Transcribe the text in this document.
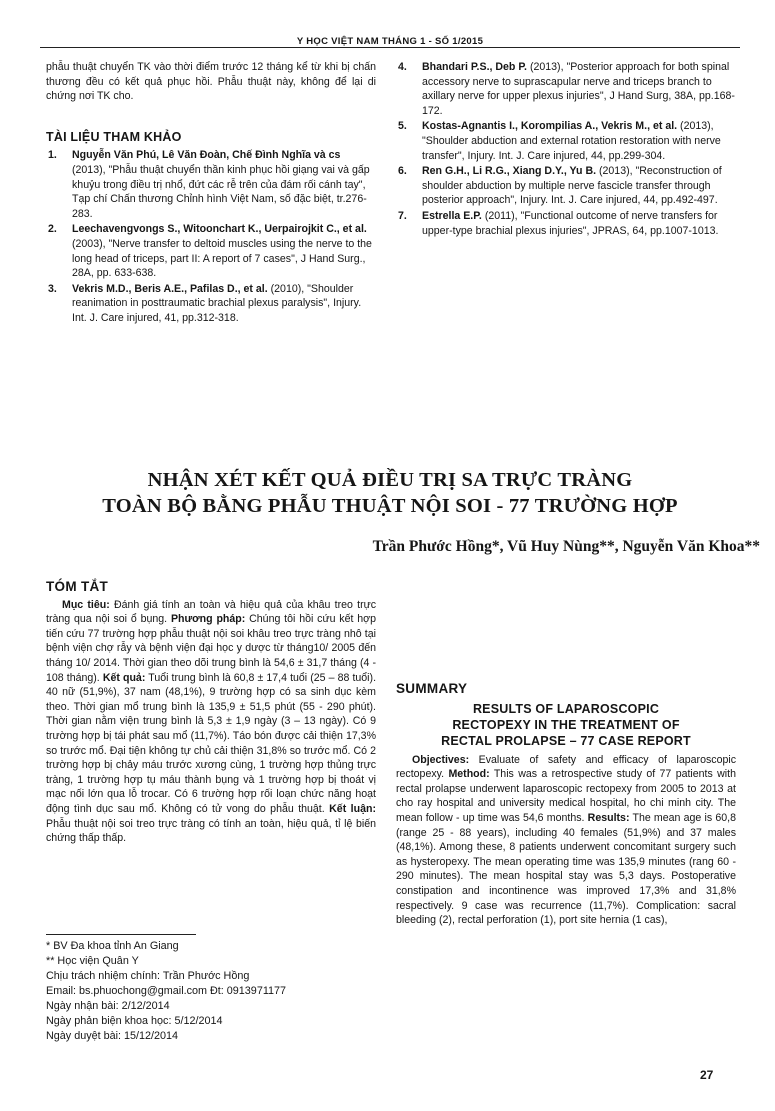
Y HỌC VIỆT NAM THÁNG 1 - SỐ 1/2015

phẫu thuật chuyển TK vào thời điểm trước 12 tháng kể từ khi bị chấn thương đều có kết quả phục hồi. Phẫu thuật này, không để lại di chứng nơi TK cho.

TÀI LIỆU THAM KHẢO
1.	Nguyễn Văn Phú, Lê Văn Đoàn, Chế Đình Nghĩa và cs (2013), "Phẫu thuật chuyển thần kinh phục hồi giạng vai và gấp khuỷu trong điều trị nhổ, đứt các rễ trên của đám rối cánh tay", Tạp chí Chấn thương Chỉnh hình Việt Nam, số đặc biệt, tr.276-283.
2.	Leechavengvongs S., Witoonchart K., Uerpairojkit C., et al. (2003), "Nerve transfer to deltoid muscles using the nerve to the long head of triceps, part II: A report of 7 cases", J Hand Surg., 28A, pp. 633-638.
3.	Vekris M.D., Beris A.E., Pafilas D., et al. (2010), "Shoulder reanimation in posttraumatic brachial plexus paralysis", Injury. Int. J. Care injured, 41, pp.312-318.
4.	Bhandari P.S., Deb P. (2013), "Posterior approach for both spinal accessory nerve to suprascapular nerve and triceps branch to axillary nerve for upper plexus injuries", J Hand Surg, 38A, pp.168-172.
5.	Kostas-Agnantis I., Korompilias A., Vekris M., et al. (2013), "Shoulder abduction and external rotation restoration with nerve transfer", Injury. Int. J. Care injured, 44, pp.299-304.
6.	Ren G.H., Li R.G., Xiang D.Y., Yu B. (2013), "Reconstruction of shoulder abduction by multiple nerve fascicle transfer through posterior approach", Injury. Int. J. Care injured, 44, pp.492-497.
7.	Estrella E.P. (2011), "Functional outcome of nerve transfers for upper-type brachial plexus injuries", JPRAS, 64, pp.1007-1013.
NHẬN XÉT KẾT QUẢ ĐIỀU TRỊ SA TRỰC TRÀNG
TOÀN BỘ BẰNG PHẪU THUẬT NỘI SOI - 77 TRƯỜNG HỢP
Trần Phước Hồng*, Vũ Huy Nùng**, Nguyễn Văn Khoa**
TÓM TẮT

Mục tiêu: Đánh giá tính an toàn và hiệu quả của khâu treo trực tràng qua nội soi ổ bụng. Phương pháp: Chúng tôi hồi cứu kết hợp tiến cứu 77 trường hợp phẫu thuật nội soi khâu treo trực tràng nhô tại bệnh viện chợ rẫy và bệnh viện đại học y dược từ tháng10/ 2005 đến tháng 10/ 2014. Thời gian theo dõi trung bình là 54,6 ± 31,7 tháng (4 - 108 tháng). Kết quả: Tuổi trung bình là 60,8 ± 17,4 tuổi (25 – 88 tuổi). 40 nữ (51,9%), 37 nam (48,1%), 9 trường hợp có sa sinh dục kèm theo. Thời gian mổ trung bình là 135,9 ± 51,5 phút (55 - 290 phút). Thời gian nằm viện trung bình là 5,3 ± 1,9 ngày (3 – 13 ngày). Có 9 trường hợp bị tái phát sau mổ (11,7%). Táo bón được cải thiện 17,3% so trước mổ. Đại tiện không tự chủ cải thiện 31,8% so trước mổ. Có 2 trường hợp bị chảy máu trước xương cùng, 1 trường hợp thủng trực tràng, 1 trường hợp tụ máu thành bụng và 1 trường hợp bị thoát vị mạc nối lớn qua lỗ trocar. Có 6 trường hợp rối loạn chức năng hoạt động tình dục sau mổ. Không có tử vong do phẫu thuật. Kết luận: Phẫu thuật nội soi treo trực tràng có tính an toàn, hiệu quả, tỉ lệ biến chứng thấp thấp.

* BV Đa khoa tỉnh An Giang
** Học viện Quân Y
Chịu trách nhiệm chính: Trần Phước Hồng
Email: bs.phuochong@gmail.com Đt: 0913971177
Ngày nhận bài: 2/12/2014
Ngày phản biện khoa học: 5/12/2014
Ngày duyệt bài: 15/12/2014
SUMMARY
RESULTS OF LAPAROSCOPIC
RECTOPEXY IN THE TREATMENT OF
RECTAL PROLAPSE – 77 CASE REPORT

Objectives: Evaluate of safety and efficacy of laparoscopic rectopexy. Method: This was a retrospective study of 77 patients with rectal prolapse underwent laparoscopic rectopexy from 2005 to 2013 at cho ray hospital and university medical hospital, ho chi minh city. The mean follow - up time was 54,6 months. Results: The mean age is 60,8 (range 25 - 88 years), including 40 females (51,9%) and 37 males (48,1%). Among these, 8 patients underwent concomitant surgery such as hysteropexy. The mean operating time was 135,9 minutes (rang 60 - 290 minutes). The mean hospital stay was 5,3 days. Postoperative constipation and incontinence was improved 17,3% and 31,8% respectively. 9 case was recurrence (11,7%). Complication: sacral bleeding (2), rectal perforation (1), port site hernia (1 cas),

27
